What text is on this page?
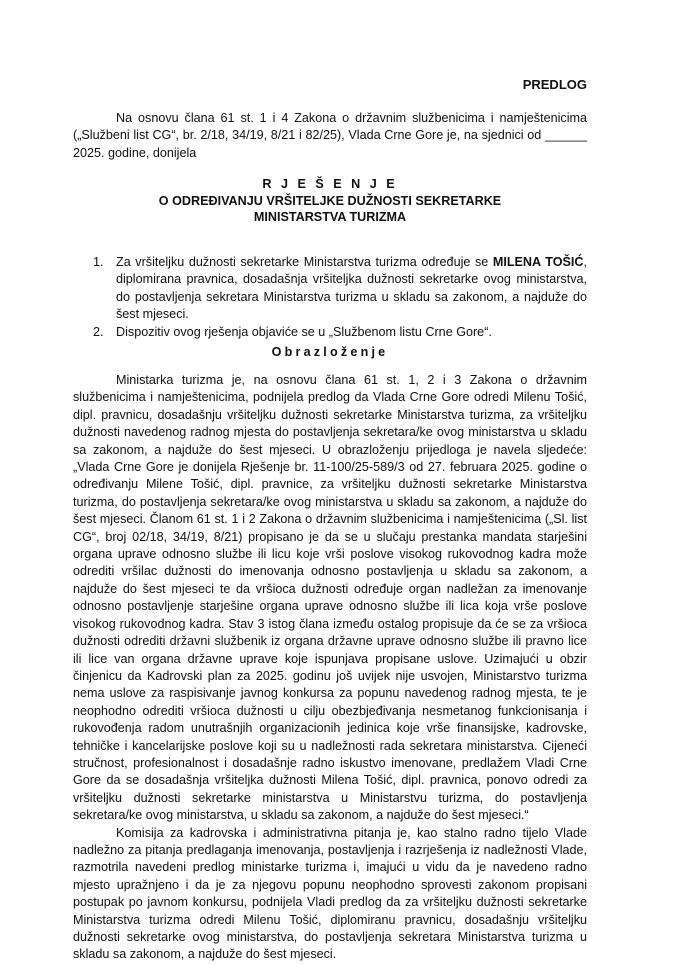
PREDLOG

Na osnovu člana 61 st. 1 i 4 Zakona o državnim službenicima i namještenicima („Službeni list CG“, br. 2/18, 34/19, 8/21 i 82/25), Vlada Crne Gore je, na sjednici od ______ 2025. godine, donijela

R J E Š E N J E
O ODREĐIVANJU VRŠITELJKE DUŽNOSTI SEKRETARKE
MINISTARSTVA TURIZMA
1. Za vršiteljku dužnosti sekretarke Ministarstva turizma određuje se MILENA TOŠIĆ, diplomirana pravnica, dosadašnja vršiteljka dužnosti sekretarke ovog ministarstva, do postavljenja sekretara Ministarstva turizma u skladu sa zakonom, a najduže do šest mjeseci.
2. Dispozitiv ovog rješenja objaviće se u „Službenom listu Crne Gore“.
Obrazloženje

Ministarka turizma je, na osnovu člana 61 st. 1, 2 i 3 Zakona o državnim službenicima i namještenicima, podnijela predlog da Vlada Crne Gore odredi Milenu Tošić, dipl. pravnicu, dosadašnju vršiteljku dužnosti sekretarke Ministarstva turizma, za vršiteljku dužnosti navedenog radnog mjesta do postavljenja sekretara/ke ovog ministarstva u skladu sa zakonom, a najduže do šest mjeseci. U obrazloženju prijedloga je navela sljedeće: „Vlada Crne Gore je donijela Rješenje br. 11-100/25-589/3 od 27. februara 2025. godine o određivanju Milene Tošić, dipl. pravnice, za vršiteljku dužnosti sekretarke Ministarstva turizma, do postavljenja sekretara/ke ovog ministarstva u skladu sa zakonom, a najduže do šest mjeseci. Članom 61 st. 1 i 2 Zakona o državnim službenicima i namještenicima („Sl. list CG“, broj 02/18, 34/19, 8/21) propisano je da se u slučaju prestanka mandata starješini organa uprave odnosno službe ili licu koje vrši poslove visokog rukovodnog kadra može odrediti vršilac dužnosti do imenovanja odnosno postavljenja u skladu sa zakonom, a najduže do šest mjeseci te da vršioca dužnosti određuje organ nadležan za imenovanje odnosno postavljenje starješine organa uprave odnosno službe ili lica koja vrše poslove visokog rukovodnog kadra. Stav 3 istog člana između ostalog propisuje da će se za vršioca dužnosti odrediti državni službenik iz organa državne uprave odnosno službe ili pravno lice ili lice van organa državne uprave koje ispunjava propisane uslove. Uzimajući u obzir činjenicu da Kadrovski plan za 2025. godinu još uvijek nije usvojen, Ministarstvo turizma nema uslove za raspisivanje javnog konkursa za popunu navedenog radnog mjesta, te je neophodno odrediti vršioca dužnosti u cilju obezbjeđivanja nesmetanog funkcionisanja i rukovođenja radom unutrašnjih organizacionih jedinica koje vrše finansijske, kadrovske, tehničke i kancelarijske poslove koji su u nadležnosti rada sekretara ministarstva. Cijeneći stručnost, profesionalnost i dosadašnje radno iskustvo imenovane, predlažem Vladi Crne Gore da se dosadašnja vršiteljka dužnosti Milena Tošić, dipl. pravnica, ponovo odredi za vršiteljku dužnosti sekretarke ministarstva u Ministarstvu turizma, do postavljenja sekretara/ke ovog ministarstva, u skladu sa zakonom, a najduže do šest mjeseci.“

Komisija za kadrovska i administrativna pitanja je, kao stalno radno tijelo Vlade nadležno za pitanja predlaganja imenovanja, postavljenja i razrješenja iz nadležnosti Vlade, razmotrila navedeni predlog ministarke turizma i, imajući u vidu da je navedeno radno mjesto upražnjeno i da je za njegovu popunu neophodno sprovesti zakonom propisani postupak po javnom konkursu, podnijela Vladi predlog da za vršiteljku dužnosti sekretarke Ministarstva turizma odredi Milenu Tošić, diplomiranu pravnicu, dosadašnju vršiteljku dužnosti sekretarke ovog ministarstva, do postavljenja sekretara Ministarstva turizma u skladu sa zakonom, a najduže do šest mjeseci.
